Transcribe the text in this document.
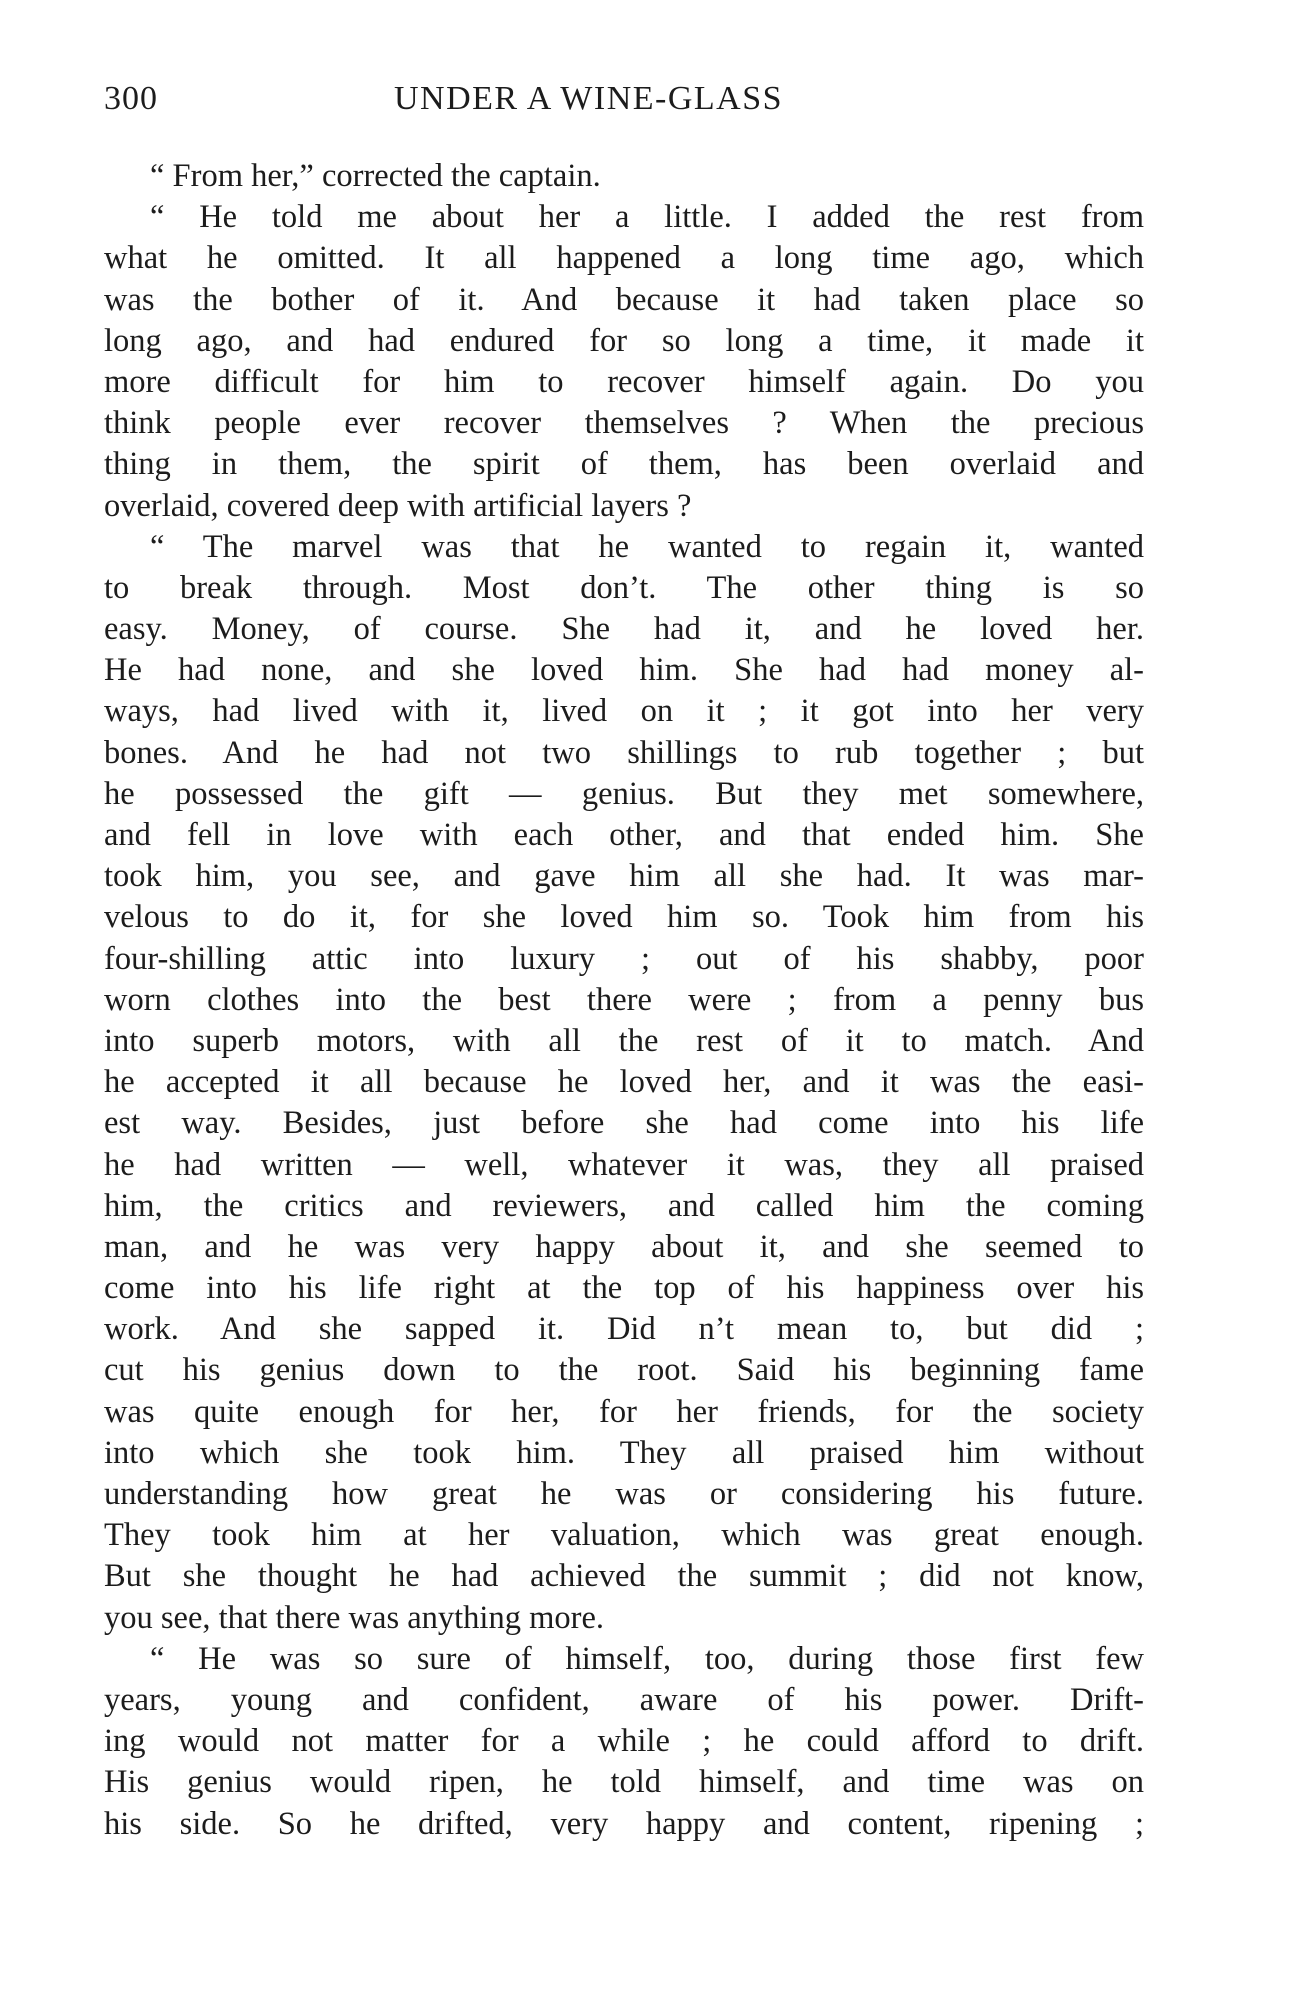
300	UNDER A WINE-GLASS
“ From her,” corrected the captain.
“ He told me about her a little. I added the rest from
what he omitted. It all happened a long time ago, which
was the bother of it. And because it had taken place so
long ago, and had endured for so long a time, it made it
more difficult for him to recover himself again. Do you
think people ever recover themselves ? When the precious
thing in them, the spirit of them, has been overlaid and
overlaid, covered deep with artificial layers ?
“ The marvel was that he wanted to regain it, wanted
to break through. Most don’t. The other thing is so
easy. Money, of course. She had it, and he loved her.
He had none, and she loved him. She had had money al-
ways, had lived with it, lived on it ; it got into her very
bones. And he had not two shillings to rub together ; but
he possessed the gift — genius. But they met somewhere,
and fell in love with each other, and that ended him. She
took him, you see, and gave him all she had. It was mar-
velous to do it, for she loved him so. Took him from his
four-shilling attic into luxury ; out of his shabby, poor
worn clothes into the best there were ; from a penny bus
into superb motors, with all the rest of it to match. And
he accepted it all because he loved her, and it was the easi-
est way. Besides, just before she had come into his life
he had written — well, whatever it was, they all praised
him, the critics and reviewers, and called him the coming
man, and he was very happy about it, and she seemed to
come into his life right at the top of his happiness over his
work. And she sapped it. Did n’t mean to, but did ;
cut his genius down to the root. Said his beginning fame
was quite enough for her, for her friends, for the society
into which she took him. They all praised him without
understanding how great he was or considering his future.
They took him at her valuation, which was great enough.
But she thought he had achieved the summit ; did not know,
you see, that there was anything more.
“ He was so sure of himself, too, during those first few
years, young and confident, aware of his power. Drift-
ing would not matter for a while ; he could afford to drift.
His genius would ripen, he told himself, and time was on
his side. So he drifted, very happy and content, ripening ;
